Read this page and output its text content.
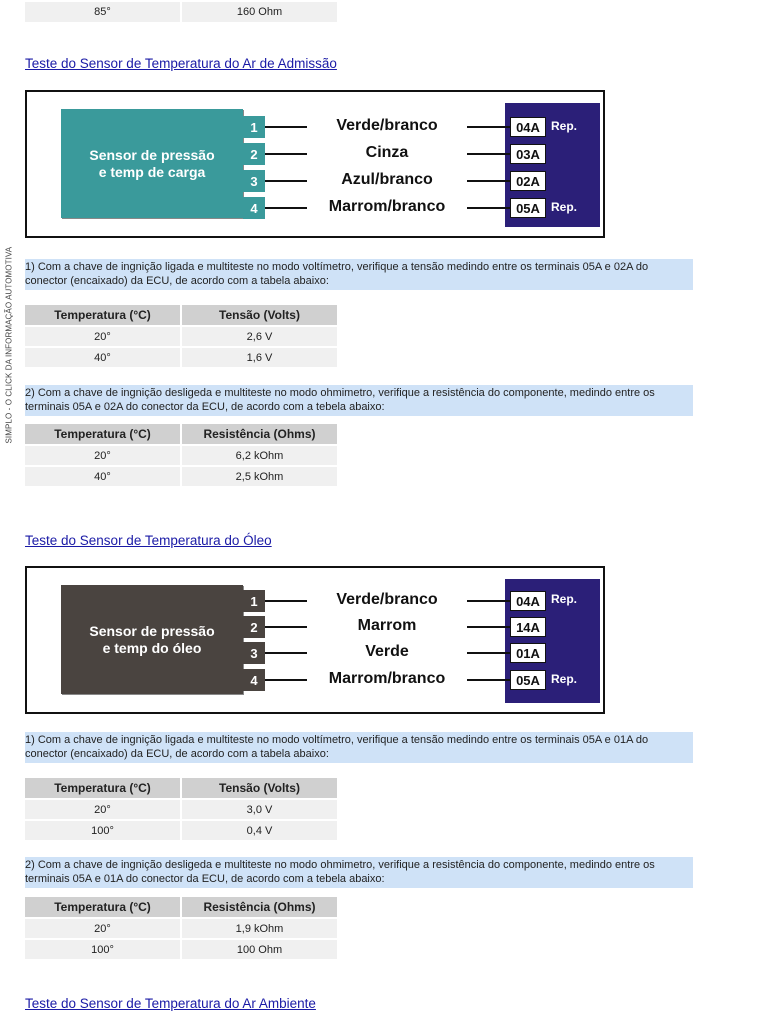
SIMPLO - O CLICK DA INFORMAÇÃO AUTOMOTIVA
85°	160 Ohm
Teste do Sensor de Temperatura do Ar de Admissão
Sensor de pressão
e temp de carga
1	Verde/branco	04A Rep.
2	Cinza	03A
3	Azul/branco	02A
4	Marrom/branco	05A Rep.
1) Com a chave de ingnição ligada e multiteste no modo voltímetro, verifique a tensão medindo entre os terminais 05A e 02A do conector (encaixado) da ECU, de acordo com a tabela abaixo:
Temperatura (°C)	Tensão (Volts)
20°	2,6 V
40°	1,6 V
2) Com a chave de ingnição desligeda e multiteste no modo ohmimetro, verifique a resistência do componente, medindo entre os terminais 05A e 02A do conector da ECU, de acordo com a tebela abaixo:
Temperatura (°C)	Resistência (Ohms)
20°	6,2 kOhm
40°	2,5 kOhm
Teste do Sensor de Temperatura do Óleo
Sensor de pressão
e temp do óleo
1	Verde/branco	04A Rep.
2	Marrom	14A
3	Verde	01A
4	Marrom/branco	05A Rep.
1) Com a chave de ingnição ligada e multiteste no modo voltímetro, verifique a tensão medindo entre os terminais 05A e 01A do conector (encaixado) da ECU, de acordo com a tabela abaixo:
Temperatura (°C)	Tensão (Volts)
20°	3,0 V
100°	0,4 V
2) Com a chave de ingnição desligeda e multiteste no modo ohmimetro, verifique a resistência do componente, medindo entre os terminais 05A e 01A do conector da ECU, de acordo com a tebela abaixo:
Temperatura (°C)	Resistência (Ohms)
20°	1,9 kOhm
100°	100 Ohm
Teste do Sensor de Temperatura do Ar Ambiente
